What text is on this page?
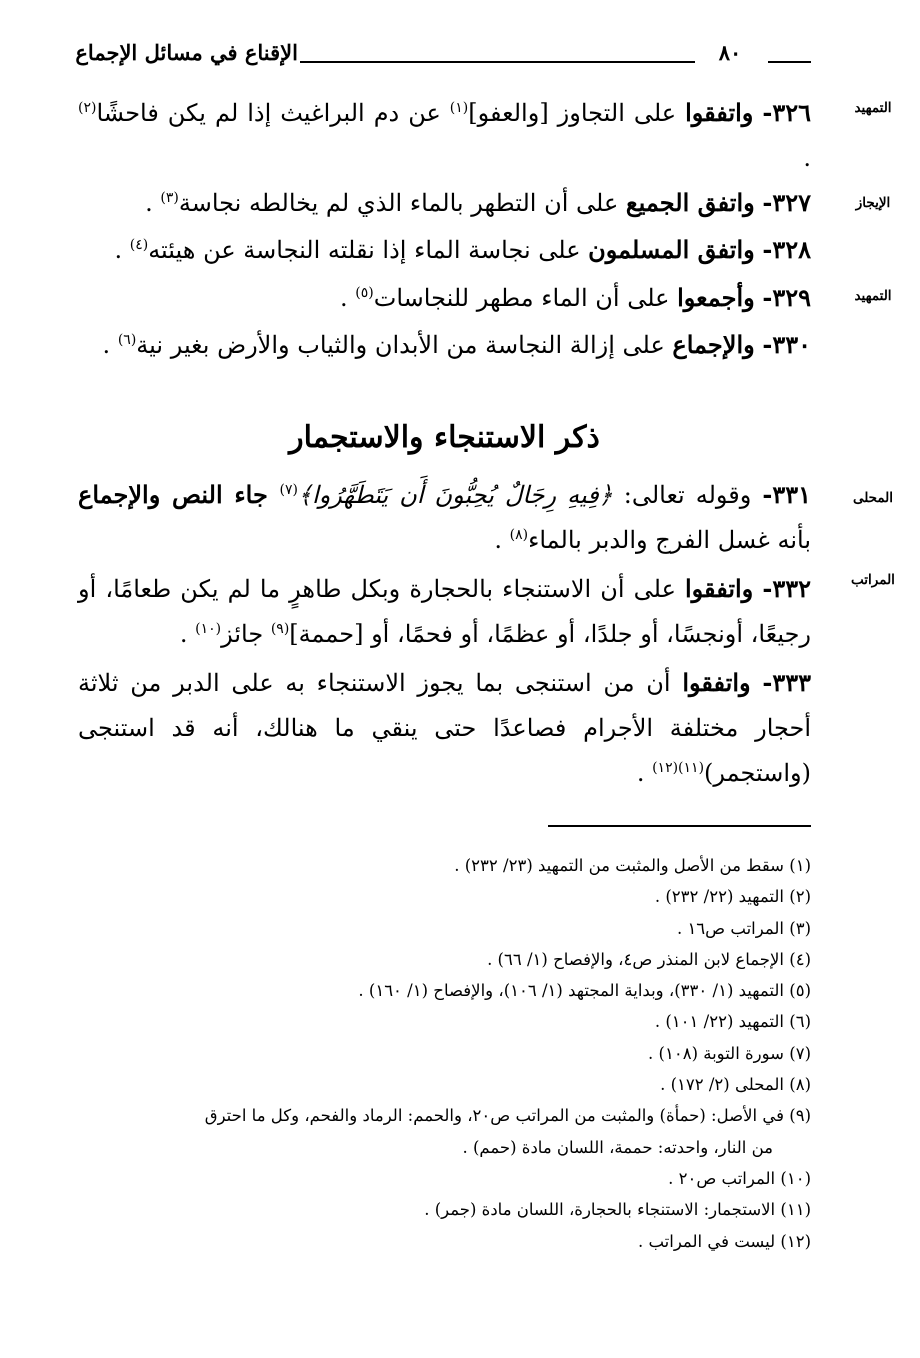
الإقناع في مسائل الإجماع	٨٠
التمهيد
الإيجاز
التمهيد
المحلى
المراتب
٣٢٦- واتفقوا على التجاوز [والعفو]$^{(١)}$ عن دم البراغيث إذا لم يكن فاحشًا$^{(٢)}$ .
٣٢٧- واتفق الجميع على أن التطهر بالماء الذي لم يخالطه نجاسة$^{(٣)}$ .
٣٢٨- واتفق المسلمون على نجاسة الماء إذا نقلته النجاسة عن هيئته$^{(٤)}$ .
٣٢٩- وأجمعوا على أن الماء مطهر للنجاسات$^{(٥)}$ .
٣٣٠- والإجماع على إزالة النجاسة من الأبدان والثياب والأرض بغير نية$^{(٦)}$ .
ذكر الاستنجاء والاستجمار
٣٣١- وقوله تعالى: ﴿فِيهِ رِجَالٌ يُحِبُّونَ أَن يَتَطَهَّرُوا﴾$^{(٧)}$ جاء النص والإجماع بأنه غسل الفرج والدبر بالماء$^{(٨)}$ .
٣٣٢- واتفقوا على أن الاستنجاء بالحجارة وبكل طاهرٍ ما لم يكن طعامًا، أو رجيعًا، أونجسًا، أو جلدًا، أو عظمًا، أو فحمًا، أو [حممة]$^{(٩)}$ جائز$^{(١٠)}$ .
٣٣٣- واتفقوا أن من استنجى بما يجوز الاستنجاء به على الدبر من ثلاثة أحجار مختلفة الأجرام فصاعدًا حتى ينقي ما هنالك، أنه قد استنجى (واستجمر)$^{(١١)(١٢)}$ .
(١) سقط من الأصل والمثبت من التمهيد (٢٣/ ٢٣٢) .
(٢) التمهيد (٢٢/ ٢٣٢) .
(٣) المراتب ص١٦ .
(٤) الإجماع لابن المنذر ص٤، والإفصاح (١/ ٦٦) .
(٥) التمهيد (١/ ٣٣٠)، وبداية المجتهد (١/ ١٠٦)، والإفصاح (١/ ١٦٠) .
(٦) التمهيد (٢٢/ ١٠١) .
(٧) سورة التوبة (١٠٨) .
(٨) المحلى (٢/ ١٧٢) .
(٩) في الأصل: (حمأة) والمثبت من المراتب ص٢٠، والحمم: الرماد والفحم، وكل ما احترق
من النار، واحدته: حممة، اللسان مادة (حمم) .
(١٠) المراتب ص٢٠ .
(١١) الاستجمار: الاستنجاء بالحجارة، اللسان مادة (جمر) .
(١٢) ليست في المراتب .
